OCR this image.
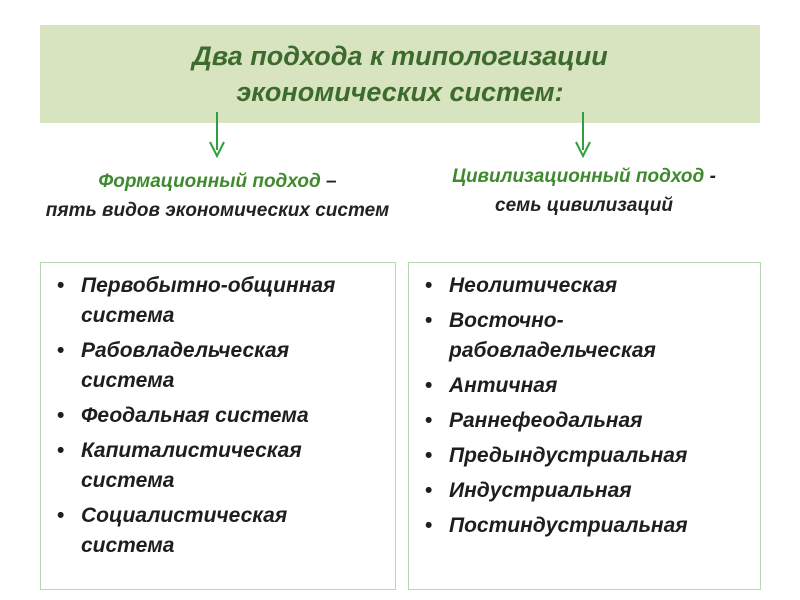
Два подхода к типологизации
экономических систем:
Формационный подход –
пять видов экономических систем
Цивилизационный подход -
семь цивилизаций
• Первобытно-общинная система
• Рабовладельческая система
• Феодальная система
• Капиталистическая система
• Социалистическая система
• Неолитическая
• Восточно-рабовладельческая
• Античная
• Раннефеодальная
• Предындустриальная
• Индустриальная
• Постиндустриальная
